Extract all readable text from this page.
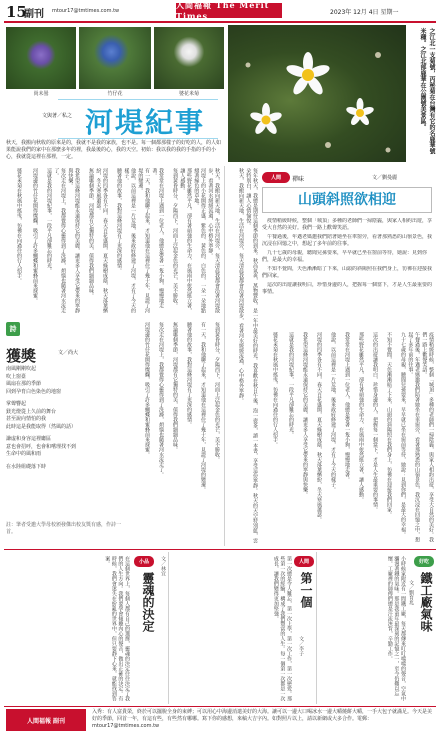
15
副刊 mtour17@tmtimes.com.tw
人間福報 The Merit Times	2023年 12月 4日 星期一
尚未曇	竹仔花	婆花米菊	之江北一支菊號，丙秘菊在台灣有它的名鹿華號米種。之江北部鹿華在公園號美景區。
文與著／私之 河堤紀事
秋天，我搬向秋收的原來是的，我就不是我的家族，也不是。每一個都那樣子的好吃的人，的人如果能說我們的家中在那麼多年的裡，我最後的心，我的天空。初始：我以我的我的手指的手的小心，我就從這裡在那裡，一定。
秋天，我搬向新天地，生活在河堤旁，每天清晨我都會沿著河堤散步，看著河水緩緩流過，心中格外寧靜。
河堤上的小花開得正盛，紫色的、黃色的、白色的，一朵一朵地點綴著綠色的草地。
那些野花雖然平凡，卻有著頑強的生命力，在風雨中依然挺立著，讓人感動。
每到黃昏時分，夕陽西下，河面上泛起金色的光芒，美不勝收。
我常常在河堤上遇到一位老人，他總是帶著一隻小狗，慢慢地走著。
有一天，我和他聊了起來，才知道他在這裡住了幾十年，見證了河堤的變遷。
他說，以前這裡是一片荒地，後來政府修建了河堤，才有了今天的樣子。
聽著他的故事，我對這條河堤有了更深的感情。
河堤的四季各有不同，春天百花盛開，夏天綠樹成蔭，秋天落葉繽紛，冬天寒風蕭瑟。
無論哪個季節，河堤都有它獨特的美，值得我們細細品味。
我希望這條河堤能永遠保持它的美麗，讓更多人享受它帶來的寧靜與快樂。
每次走在河堤上，我都覺得心靈得到了洗滌，煩惱也隨著河水流走了。
這就是我的河堤紀事，一段平凡卻難忘的時光。
河堤邊的竹仔花開得燦爛，吸引了許多蝴蝶和蜜蜂前來採蜜。
婆花米菊在秋風中搖曳，彷彿在向過往的行人招手。
每到黃昏時分，夕陽西下，河面上泛起金色的光芒，美不勝收。
有一天，我和他聊了起來，才知道他在這裡住了幾十年，見證了河堤的變遷。
聽著他的故事，我對這條河堤有了更深的感情。
無論哪個季節，河堤都有它獨特的美，值得我們細細品味。
每次走在河堤上，我都覺得心靈得到了洗滌，煩惱也隨著河水流走了。
河堤邊的竹仔花開得燦爛，吸引了許多蝴蝶和蜜蜂前來採蜜。
詩
獲獎	文／尚大
南風剛剛吹起
吹上窗臺
風扇在那的季節
回到孕育白色染色的地窗
掌聲響起
鎂光燈從上久前的舞台
甚至說向情怕的我
此時這是我能取得（然風的話）
謙虛和身容這裡廳區
意也會招呼，也會和嚐理找不到
生命中的風和雨
在水陸組礎落下時
註：筆者受邀大學母校頒發傑出校友獎有感，作詩一首。	每年秋天，我總是期待這個季節的到來。秋高氣爽，萬物豐收，是一年中最美好的時光。我喜歡在秋日午後，泡一壺茶，讀一本書，享受這份寧靜。秋天的天空特別藍，雲朵特別白，讓人心情愉悅。
秋天，我搬向新天地，生活在河堤旁，每天清晨我都會沿著河堤散步，看著河水緩緩流過，心中格外寧靜。	人間	禪味	文／劉曼麗
山頭斜照欲相迎

疫情稍緩時候，整個「城頂」多種的老師們一掃陰霾，與家人相約出遊，享受大自然的美好。我們一路上歡聲笑語。

午餐過後，年邁老媽邀我們陪著她坐在車窗旁，看著那熟悉的山嶺景色，我沉浸在回憶之中，想起了多年前的往事。

九十七歲的母親，聽聞兒孫要來，早早就已坐在窗前等待，她說：見到你們，是最大的幸福。

不知不覺間，天色漸漸暗了下來，山頭的斜陽照在我們身上，彷彿在迎接我們回家。

這次的出遊讓我明白，珍惜身邊的人，把握每一個當下，才是人生最重要的事情。

疫情稍緩時候，整個「城頂」多種的老師們一掃陰霾，與家人相約出遊，享受大自然的美好。我們一路上歡聲笑語。
午餐過後，年邁老媽邀我們陪著她坐在車窗旁，看著那熟悉的山嶺景色，我沉浸在回憶之中，想起了多年前的往事。
九十七歲的母親，聽聞兒孫要來，早早就已坐在窗前等待，她說：見到你們，是最大的幸福。
不知不覺間，天色漸漸暗了下來，山頭的斜陽照在我們身上，彷彿在迎接我們回家。
這次的出遊讓我明白，珍惜身邊的人，把握每一個當下，才是人生最重要的事情。
那些野花雖然平凡，卻有著頑強的生命力，在風雨中依然挺立著，讓人感動。
我常常在河堤上遇到一位老人，他總是帶著一隻小狗，慢慢地走著。
他說，以前這裡是一片荒地，後來政府修建了河堤，才有了今天的樣子。
河堤的四季各有不同，春天百花盛開，夏天綠樹成蔭，秋天落葉繽紛，冬天寒風蕭瑟。
我希望這條河堤能永遠保持它的美麗，讓更多人享受它帶來的寧靜與快樂。
這就是我的河堤紀事，一段平凡卻難忘的時光。
婆花米菊在秋風中搖曳，彷彿在向過往的行人招手。
在這個世界上，每個人都有自己的選擇，靈魂的決定往往決定了我們的人生方向。我們要學會傾聽內心的聲音，做出正確的決定。有時候，我們會迷失在紛亂的世界中，但只要靜下心來，就能找到答案。	小品
靈魂的決定
文／林宜	第一次總是令人難忘，第一次上學，第一次工作，第一次戀愛。那些第一次的經驗，構成了我們豐富的人生。每一個第一次都是一次成長，讓我們變得更加堅強。	人間
第一個
文／李子	小時候家附近有一間鐵工廠，每天都傳來叮叮噹噹的聲音，空氣中瀰漫著鐵的氣味。那是我童年最深刻的記憶之一，至今仍難以忘懷。工廠裡的師傅們總是汗流浹背，辛勤工作。	好吃
鐵工廠氣味
文／劉育兆
人間福報 副刊
入秀：有人富貴榮，終於可以擺脫全身的束縛；可以用心中海邊消遣美好的大海。讓可以一邊大口喝冰水一邊大嚼燒餅大嚼，一手大包子就滿足。今天是美好的季節，回首一年，有這有些，有些然有哪哪。寫下你的感想，來稿大吉字內。如對照片以上，請以新網或大多合作。電郵：mtour17@tmtimes.com.tw
